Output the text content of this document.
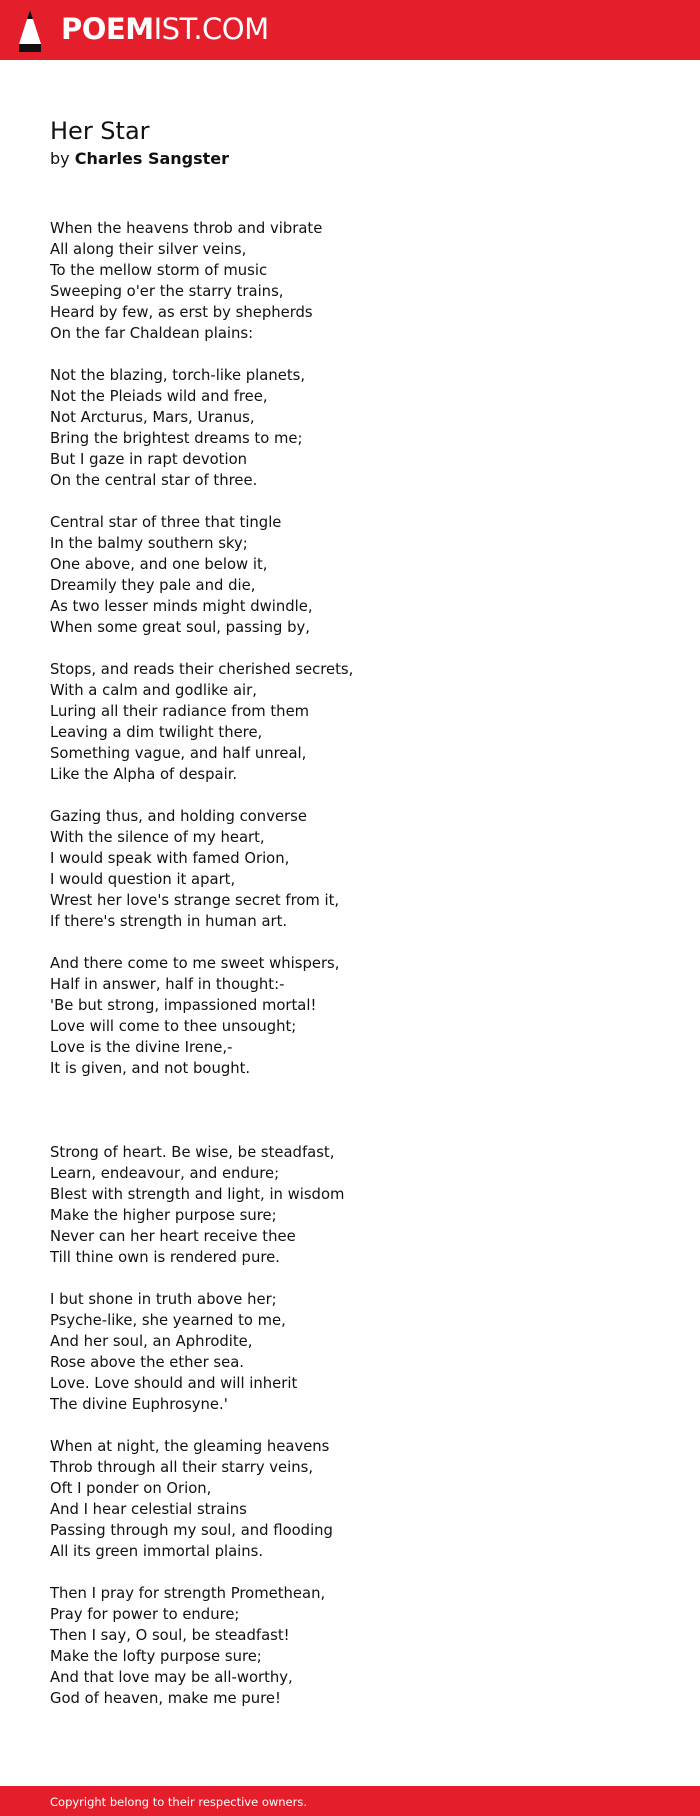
POEMIST.COM
Her Star
by Charles Sangster
When the heavens throb and vibrate
All along their silver veins,
To the mellow storm of music
Sweeping o'er the starry trains,
Heard by few, as erst by shepherds
On the far Chaldean plains:
Not the blazing, torch-like planets,
Not the Pleiads wild and free,
Not Arcturus, Mars, Uranus,
Bring the brightest dreams to me;
But I gaze in rapt devotion
On the central star of three.
Central star of three that tingle
In the balmy southern sky;
One above, and one below it,
Dreamily they pale and die,
As two lesser minds might dwindle,
When some great soul, passing by,
Stops, and reads their cherished secrets,
With a calm and godlike air,
Luring all their radiance from them
Leaving a dim twilight there,
Something vague, and half unreal,
Like the Alpha of despair.
Gazing thus, and holding converse
With the silence of my heart,
I would speak with famed Orion,
I would question it apart,
Wrest her love's strange secret from it,
If there's strength in human art.
And there come to me sweet whispers,
Half in answer, half in thought:-
'Be but strong, impassioned mortal!
Love will come to thee unsought;
Love is the divine Irene,-
It is given, and not bought.
Strong of heart. Be wise, be steadfast,
Learn, endeavour, and endure;
Blest with strength and light, in wisdom
Make the higher purpose sure;
Never can her heart receive thee
Till thine own is rendered pure.
I but shone in truth above her;
Psyche-like, she yearned to me,
And her soul, an Aphrodite,
Rose above the ether sea.
Love. Love should and will inherit
The divine Euphrosyne.'
When at night, the gleaming heavens
Throb through all their starry veins,
Oft I ponder on Orion,
And I hear celestial strains
Passing through my soul, and flooding
All its green immortal plains.
Then I pray for strength Promethean,
Pray for power to endure;
Then I say, O soul, be steadfast!
Make the lofty purpose sure;
And that love may be all-worthy,
God of heaven, make me pure!
Copyright belong to their respective owners.
